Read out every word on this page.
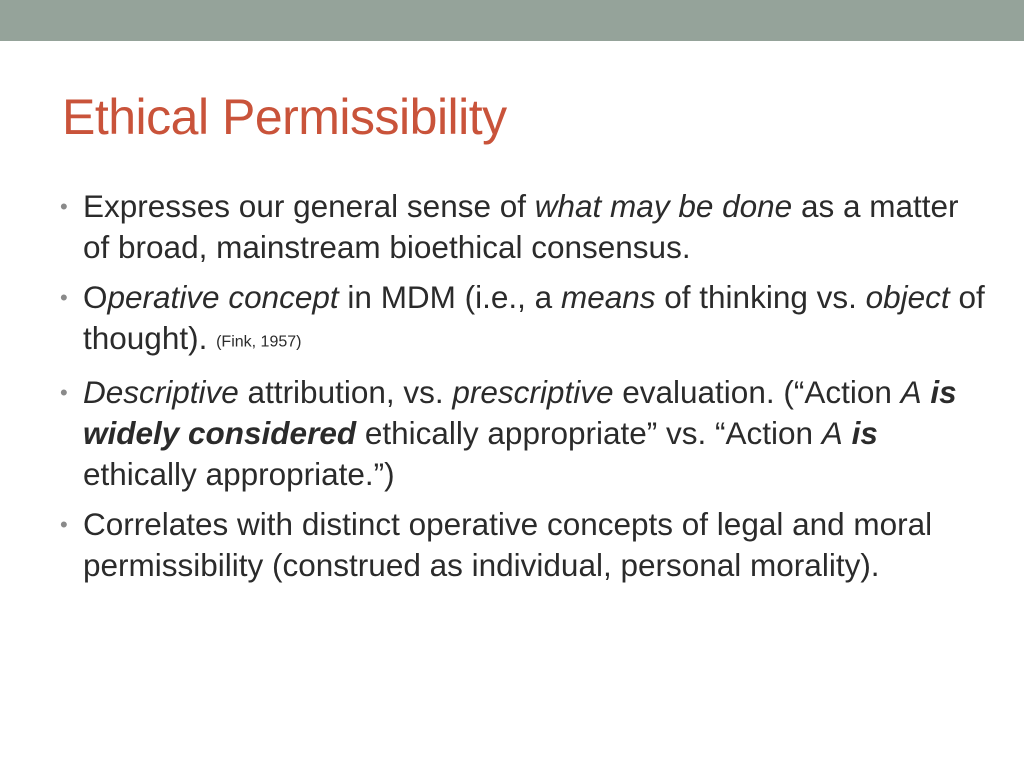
Ethical Permissibility
• Expresses our general sense of what may be done as a matter of broad, mainstream bioethical consensus.
• Operative concept in MDM (i.e., a means of thinking vs. object of thought). (Fink, 1957)
• Descriptive attribution, vs. prescriptive evaluation. (“Action A is widely considered ethically appropriate” vs. “Action A is ethically appropriate.”)
• Correlates with distinct operative concepts of legal and moral permissibility (construed as individual, personal morality).
